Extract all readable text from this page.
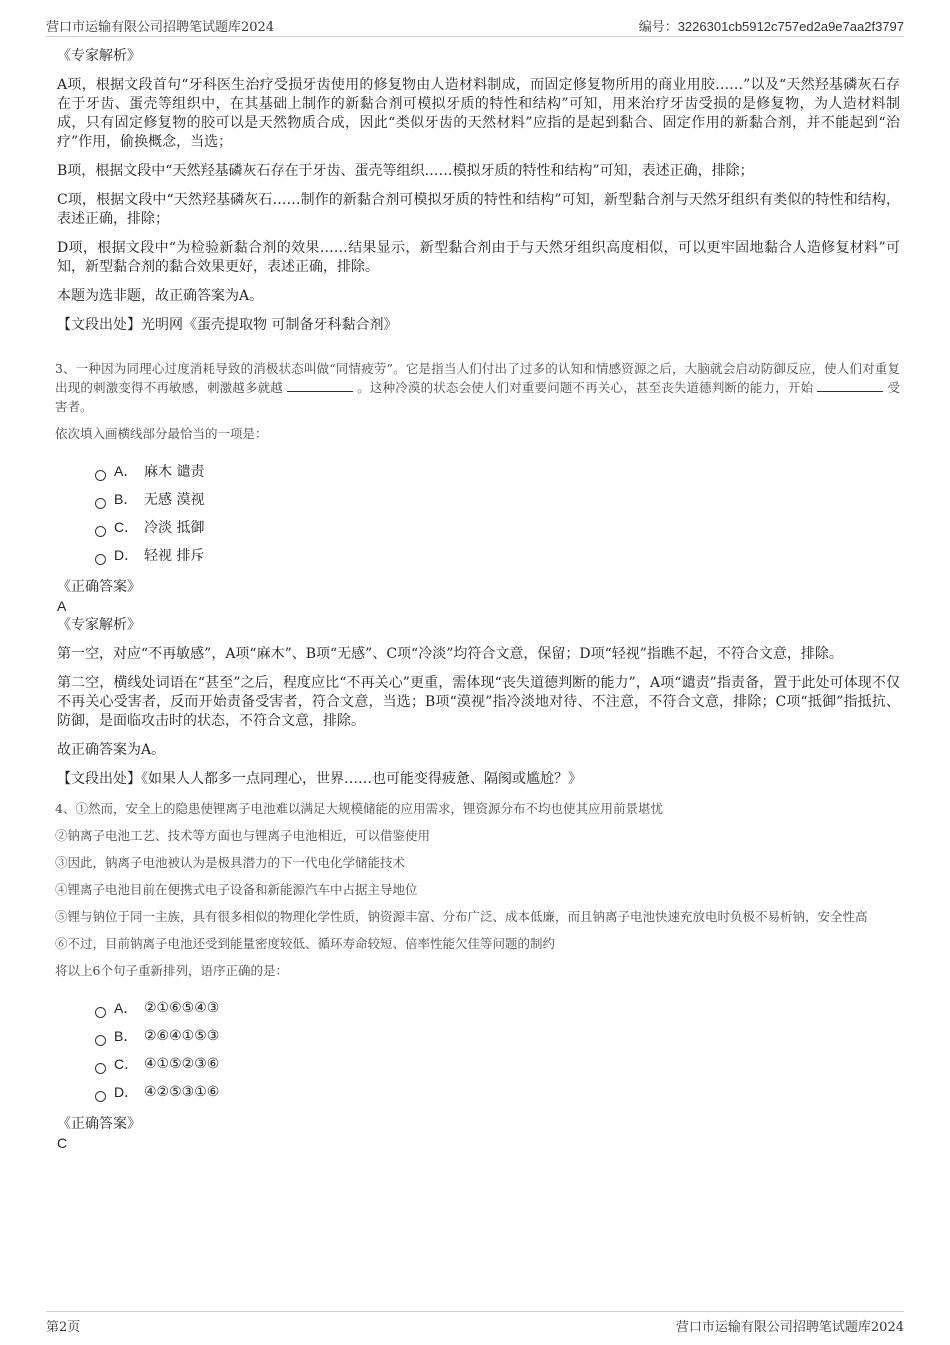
营口市运输有限公司招聘笔试题库2024	编号：3226301cb5912c757ed2a9e7aa2f3797
《专家解析》

A项，根据文段首句“牙科医生治疗受损牙齿使用的修复物由人造材料制成，而固定修复物所用的商业用胶……”以及“天然羟基磷灰石存在于牙齿、蛋壳等组织中，在其基础上制作的新黏合剂可模拟牙质的特性和结构”可知，用来治疗牙齿受损的是修复物，为人造材料制成，只有固定修复物的胶可以是天然物质合成，因此“类似牙齿的天然材料”应指的是起到黏合、固定作用的新黏合剂，并不能起到“治疗”作用，偷换概念，当选；

B项，根据文段中“天然羟基磷灰石存在于牙齿、蛋壳等组织……模拟牙质的特性和结构”可知，表述正确，排除；

C项，根据文段中“天然羟基磷灰石……制作的新黏合剂可模拟牙质的特性和结构”可知，新型黏合剂与天然牙组织有类似的特性和结构，表述正确，排除；

D项，根据文段中“为检验新黏合剂的效果……结果显示，新型黏合剂由于与天然牙组织高度相似，可以更牢固地黏合人造修复材料”可知，新型黏合剂的黏合效果更好，表述正确，排除。

本题为选非题，故正确答案为A。

【文段出处】光明网《蛋壳提取物 可制备牙科黏合剂》

3、一种因为同理心过度消耗导致的消极状态叫做“同情疲劳”。它是指当人们付出了过多的认知和情感资源之后，大脑就会启动防御反应，使人们对重复出现的刺激变得不再敏感，刺激越多就越	。这种冷漠的状态会使人们对重要问题不再关心，甚至丧失道德判断的能力，开始	受害者。
依次填入画横线部分最恰当的一项是：
A． 麻木 谴责
B． 无感 漠视
C． 冷淡 抵御
D． 轻视 排斥
《正确答案》
A
《专家解析》

第一空，对应“不再敏感”，A项“麻木”、B项“无感”、C项“冷淡”均符合文意，保留；D项“轻视”指瞧不起，不符合文意，排除。

第二空，横线处词语在“甚至”之后，程度应比“不再关心”更重，需体现“丧失道德判断的能力”，A项“谴责”指责备，置于此处可体现不仅不再关心受害者，反而开始责备受害者，符合文意，当选；B项“漠视”指冷淡地对待、不注意，不符合文意，排除；C项“抵御”指抵抗、防御，是面临攻击时的状态，不符合文意，排除。

故正确答案为A。

【文段出处】《如果人人都多一点同理心，世界……也可能变得疲惫、隔阂或尴尬？》

4、①然而，安全上的隐患使锂离子电池难以满足大规模储能的应用需求，锂资源分布不均也使其应用前景堪忧
②钠离子电池工艺、技术等方面也与锂离子电池相近，可以借鉴使用
③因此，钠离子电池被认为是极具潜力的下一代电化学储能技术
④锂离子电池目前在便携式电子设备和新能源汽车中占据主导地位
⑤锂与钠位于同一主族，具有很多相似的物理化学性质，钠资源丰富、分布广泛、成本低廉，而且钠离子电池快速充放电时负极不易析钠，安全性高
⑥不过，目前钠离子电池还受到能量密度较低、循环寿命较短、倍率性能欠佳等问题的制约
将以上6个句子重新排列，语序正确的是：
A． ②①⑥⑤④③
B． ②⑥④①⑤③
C． ④①⑤②③⑥
D． ④②⑤③①⑥
《正确答案》
C
第2页	营口市运输有限公司招聘笔试题库2024
